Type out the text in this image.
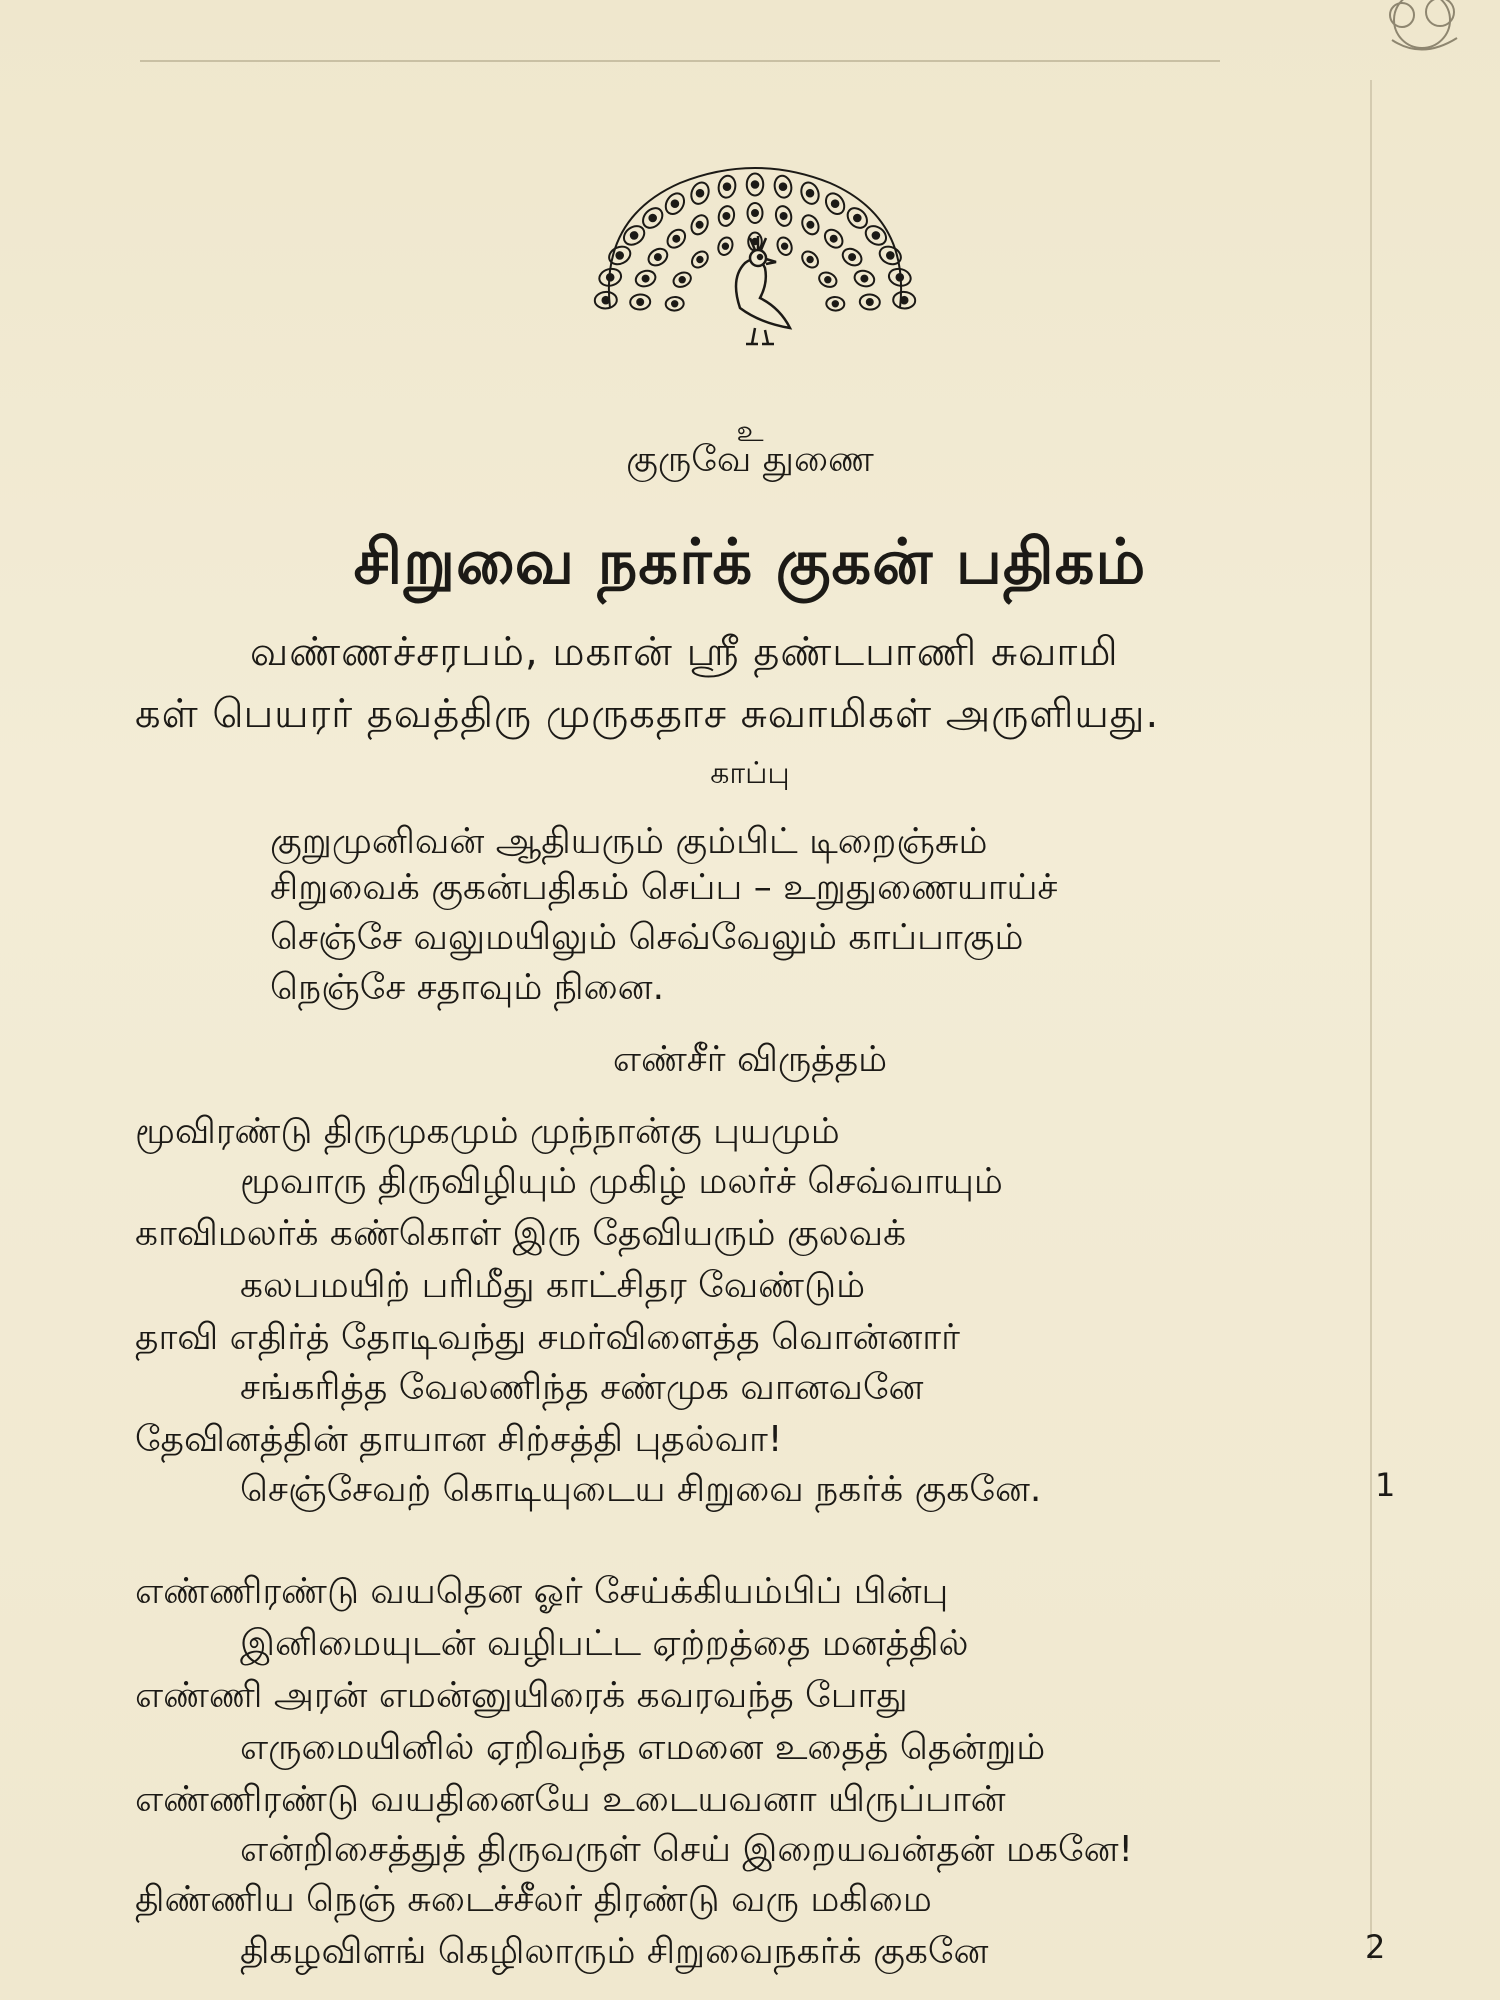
உ
குருவே துணை
சிறுவை நகர்க் குகன் பதிகம்
வண்ணச்சரபம், மகான் ஸ்ரீ தண்டபாணி சுவாமி
கள் பெயரர் தவத்திரு முருகதாச சுவாமிகள் அருளியது.
காப்பு
குறுமுனிவன் ஆதியரும் கும்பிட் டிறைஞ்சும்
சிறுவைக் குகன்பதிகம் செப்ப – உறுதுணையாய்ச்
செஞ்சே வலுமயிலும் செவ்வேலும் காப்பாகும்
நெஞ்சே சதாவும் நினை.
எண்சீர் விருத்தம்
மூவிரண்டு திருமுகமும் முந்நான்கு புயமும்
மூவாரு திருவிழியும் முகிழ் மலர்ச் செவ்வாயும்
காவிமலர்க் கண்கொள் இரு தேவியரும் குலவக்
கலபமயிற் பரிமீது காட்சிதர வேண்டும்
தாவி எதிர்த் தோடிவந்து சமர்விளைத்த வொன்னார்
சங்கரித்த வேலணிந்த சண்முக வானவனே
தேவினத்தின் தாயான சிற்சத்தி புதல்வா!
செஞ்சேவற் கொடியுடைய சிறுவை நகர்க் குகனே.	1
எண்ணிரண்டு வயதென ஓர் சேய்க்கியம்பிப் பின்பு
இனிமையுடன் வழிபட்ட ஏற்றத்தை மனத்தில்
எண்ணி அரன் எமன்னுயிரைக் கவரவந்த போது
எருமையினில் ஏறிவந்த எமனை உதைத் தென்றும்
எண்ணிரண்டு வயதினையே உடையவனா யிருப்பான்
என்றிசைத்துத் திருவருள் செய் இறையவன்தன் மகனே!
திண்ணிய நெஞ் சுடைச்சீலர் திரண்டு வரு மகிமை
திகழவிளங் கெழிலாரும் சிறுவைநகர்க் குகனே	2
